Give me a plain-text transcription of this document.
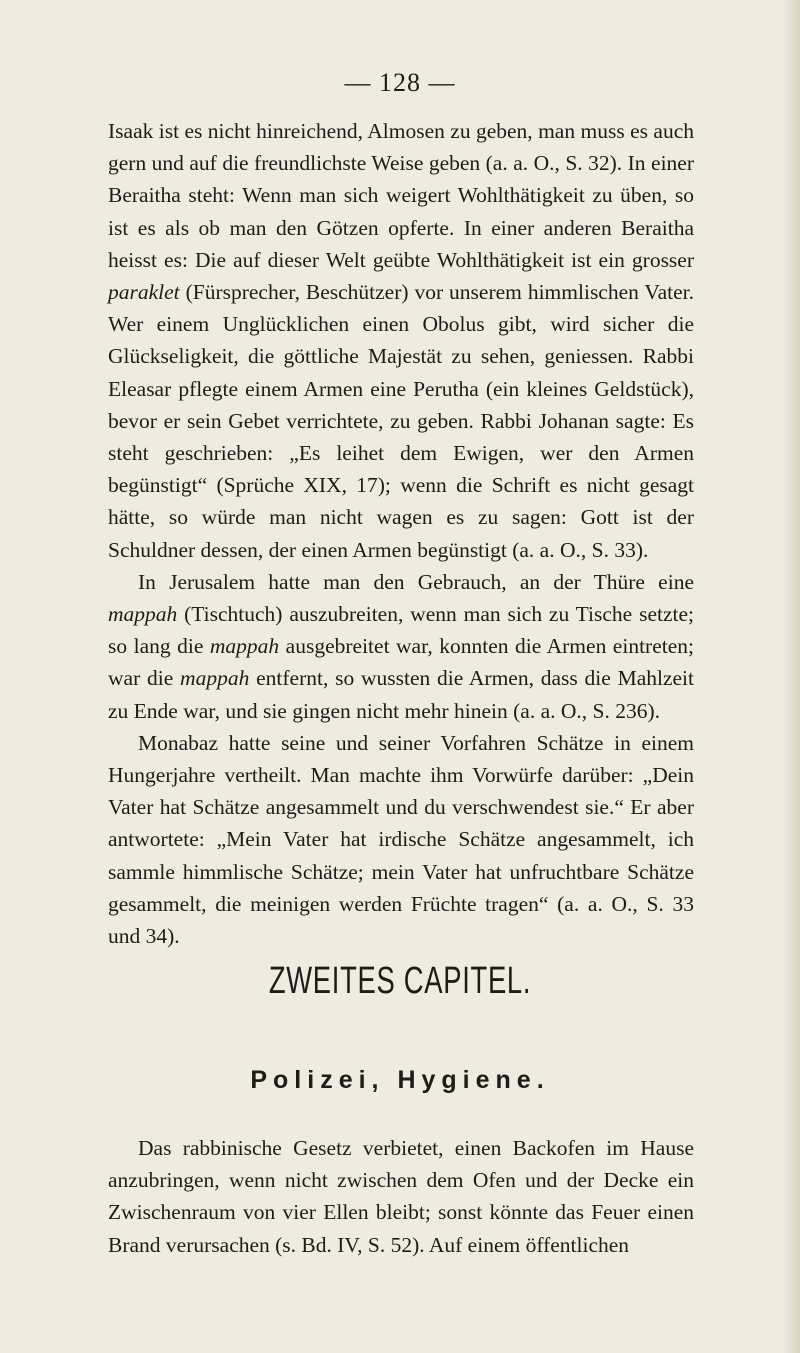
— 128 —

Isaak ist es nicht hinreichend, Almosen zu geben, man muss es auch gern und auf die freundlichste Weise geben (a. a. O., S. 32). In einer Beraitha steht: Wenn man sich weigert Wohlthätigkeit zu üben, so ist es als ob man den Götzen opferte. In einer anderen Beraitha heisst es: Die auf dieser Welt geübte Wohlthätigkeit ist ein grosser paraklet (Fürsprecher, Beschützer) vor unserem himmlischen Vater. Wer einem Unglücklichen einen Obolus gibt, wird sicher die Glückseligkeit, die göttliche Majestät zu sehen, geniessen. Rabbi Eleasar pflegte einem Armen eine Perutha (ein kleines Geldstück), bevor er sein Gebet verrichtete, zu geben. Rabbi Johanan sagte: Es steht geschrieben: „Es leihet dem Ewigen, wer den Armen begünstigt“ (Sprüche XIX, 17); wenn die Schrift es nicht gesagt hätte, so würde man nicht wagen es zu sagen: Gott ist der Schuldner dessen, der einen Armen begünstigt (a. a. O., S. 33).

In Jerusalem hatte man den Gebrauch, an der Thüre eine mappah (Tischtuch) auszubreiten, wenn man sich zu Tische setzte; so lang die mappah ausgebreitet war, konnten die Armen eintreten; war die mappah entfernt, so wussten die Armen, dass die Mahlzeit zu Ende war, und sie gingen nicht mehr hinein (a. a. O., S. 236).

Monabaz hatte seine und seiner Vorfahren Schätze in einem Hungerjahre vertheilt. Man machte ihm Vorwürfe darüber: „Dein Vater hat Schätze angesammelt und du verschwendest sie.“ Er aber antwortete: „Mein Vater hat irdische Schätze angesammelt, ich sammle himmlische Schätze; mein Vater hat unfruchtbare Schätze gesammelt, die meinigen werden Früchte tragen“ (a. a. O., S. 33 und 34).

ZWEITES CAPITEL.
Polizei, Hygiene.

Das rabbinische Gesetz verbietet, einen Backofen im Hause anzubringen, wenn nicht zwischen dem Ofen und der Decke ein Zwischenraum von vier Ellen bleibt; sonst könnte das Feuer einen Brand verursachen (s. Bd. IV, S. 52). Auf einem öffentlichen
